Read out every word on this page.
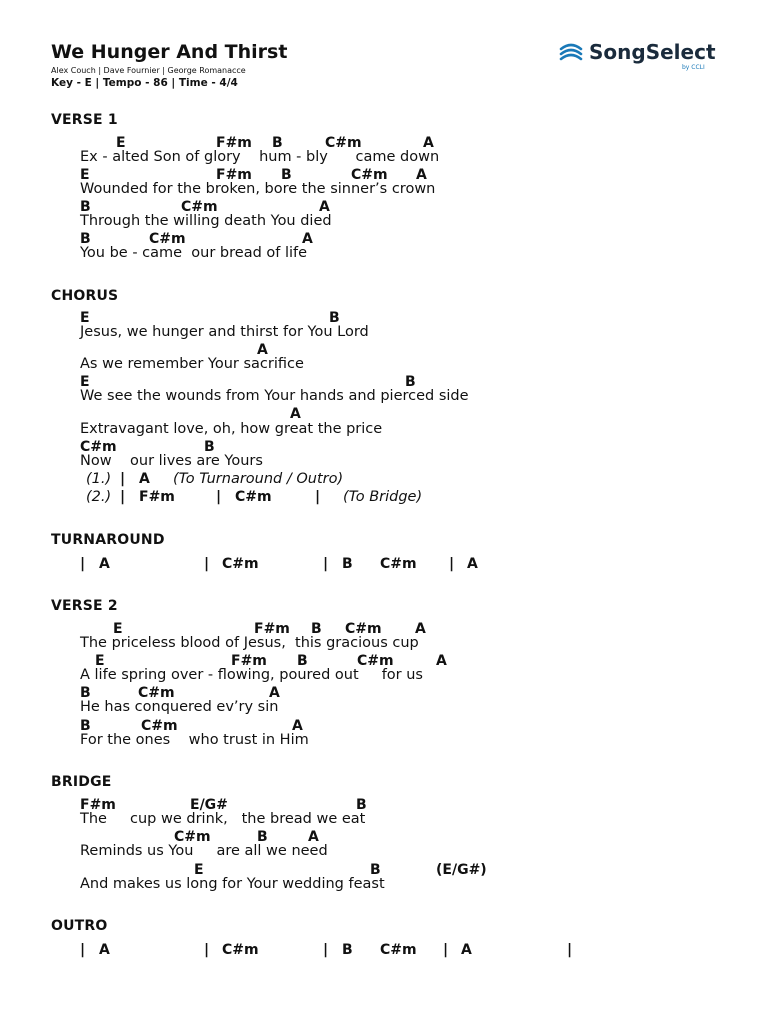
We Hunger And Thirst
Alex Couch | Dave Fournier | George Romanacce
Key - E | Tempo - 86 | Time - 4/4
SongSelect
by CCLI
VERSE 1
E	F#m B	C#m	A
Ex - alted Son of glory    hum - bly      came down
E	F#m B	C#m A
Wounded for the broken, bore the sinner’s crown
B	C#m	A
Through the willing death You died
B	C#m	A
You be - came  our bread of life
CHORUS
E	B
Jesus, we hunger and thirst for You Lord
A
As we remember Your sacrifice
E	B
We see the wounds from Your hands and pierced side
A
Extravagant love, oh, how great the price
C#m	B
Now    our lives are Yours
(1.) | A (To Turnaround / Outro)
(2.) | F#m	| C#m	| (To Bridge)
TURNAROUND
| A	| C#m	| B C#m | A
VERSE 2
E	F#m B C#m A
The priceless blood of Jesus,  this gracious cup
E	F#m B	C#m	A
A life spring over - flowing, poured out     for us
B	C#m	A
He has conquered ev’ry sin
B	C#m	A
For the ones    who trust in Him
BRIDGE
F#m	E/G#	B
The     cup we drink,   the bread we eat
C#m	B	A
Reminds us You     are all we need
E	B	(E/G#)
And makes us long for Your wedding feast
OUTRO
| A	| C#m	| B C#m | A	|
